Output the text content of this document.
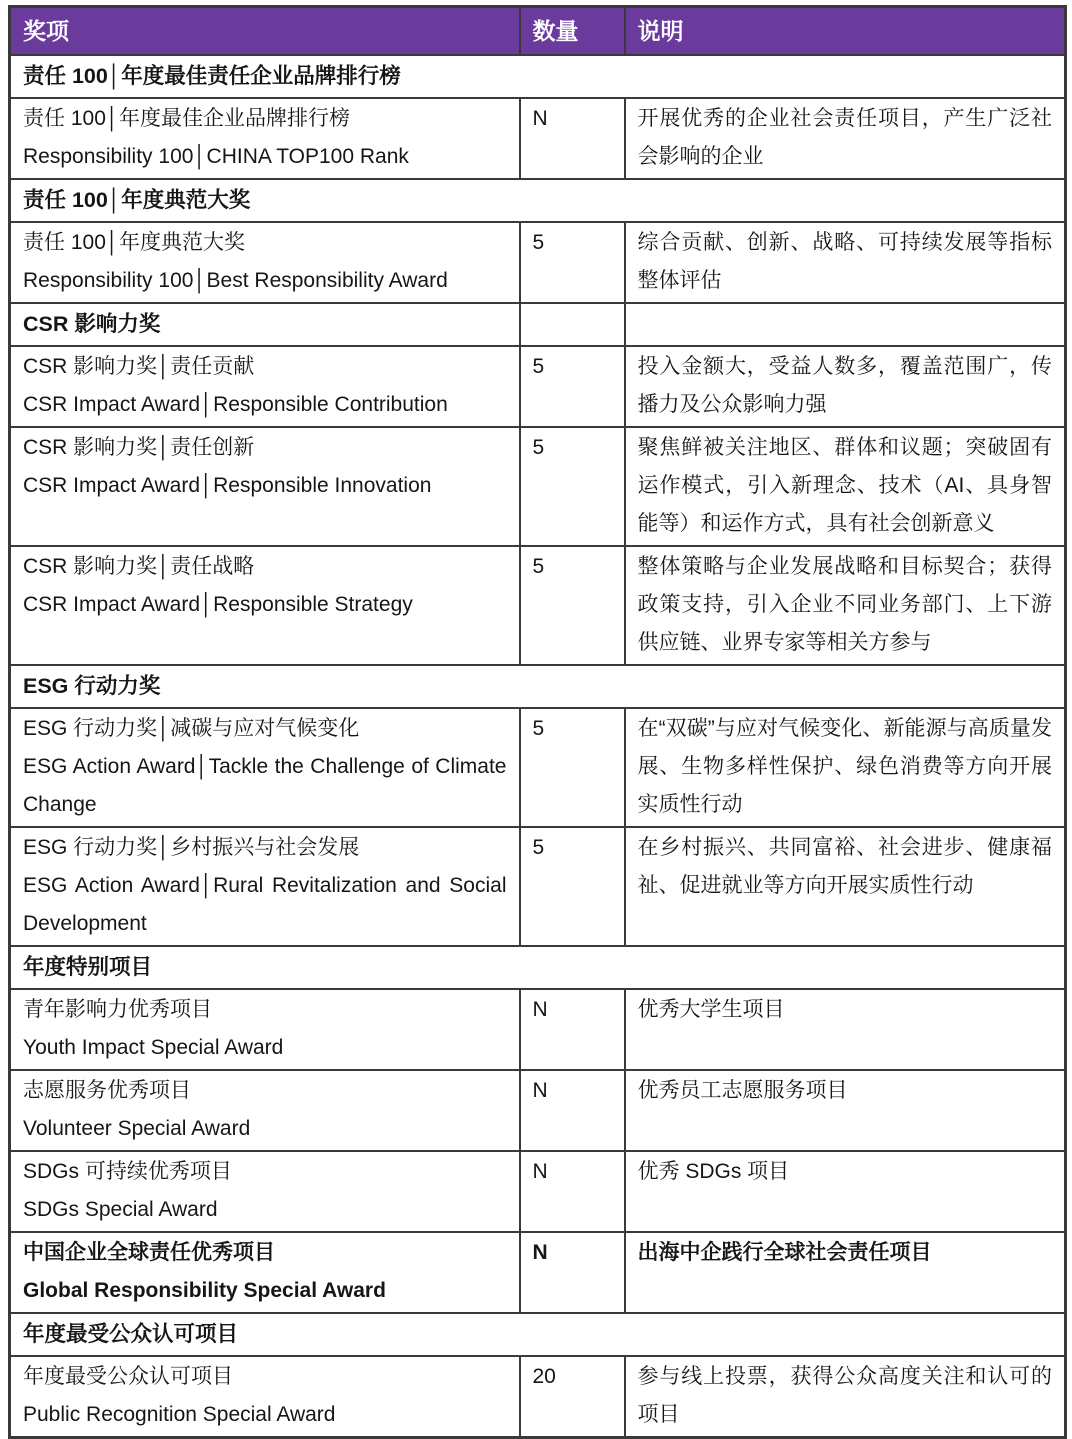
奖项	数量	说明
责任 100│年度最佳责任企业品牌排行榜		

责任 100│年度最佳企业品牌排行榜
Responsibility 100│CHINA TOP100 Rank	N	开展优秀的企业社会责任项目，产生广泛社会影响的企业
责任 100│年度典范大奖		

责任 100│年度典范大奖
Responsibility 100│Best Responsibility Award	5	综合贡献、创新、战略、可持续发展等指标整体评估
CSR 影响力奖		

CSR 影响力奖│责任贡献
CSR Impact Award│Responsible Contribution	5	投入金额大，受益人数多，覆盖范围广，传播力及公众影响力强

CSR 影响力奖│责任创新
CSR Impact Award│Responsible Innovation	5	聚焦鲜被关注地区、群体和议题；突破固有运作模式，引入新理念、技术（AI、具身智能等）和运作方式，具有社会创新意义

CSR 影响力奖│责任战略
CSR Impact Award│Responsible Strategy	5	整体策略与企业发展战略和目标契合；获得政策支持，引入企业不同业务部门、上下游供应链、业界专家等相关方参与
ESG 行动力奖		

ESG 行动力奖│减碳与应对气候变化
ESG Action Award│Tackle the Challenge of Climate Change	5	在“双碳”与应对气候变化、新能源与高质量发展、生物多样性保护、绿色消费等方向开展实质性行动

ESG 行动力奖│乡村振兴与社会发展
ESG Action Award│Rural Revitalization and Social Development	5	在乡村振兴、共同富裕、社会进步、健康福祉、促进就业等方向开展实质性行动
年度特别项目		

青年影响力优秀项目
Youth Impact Special Award	N	优秀大学生项目

志愿服务优秀项目
Volunteer Special Award	N	优秀员工志愿服务项目

SDGs 可持续优秀项目
SDGs Special Award	N	优秀 SDGs 项目

中国企业全球责任优秀项目
Global Responsibility Special Award	N	出海中企践行全球社会责任项目
年度最受公众认可项目		

年度最受公众认可项目
Public Recognition Special Award	20	参与线上投票，获得公众高度关注和认可的项目
